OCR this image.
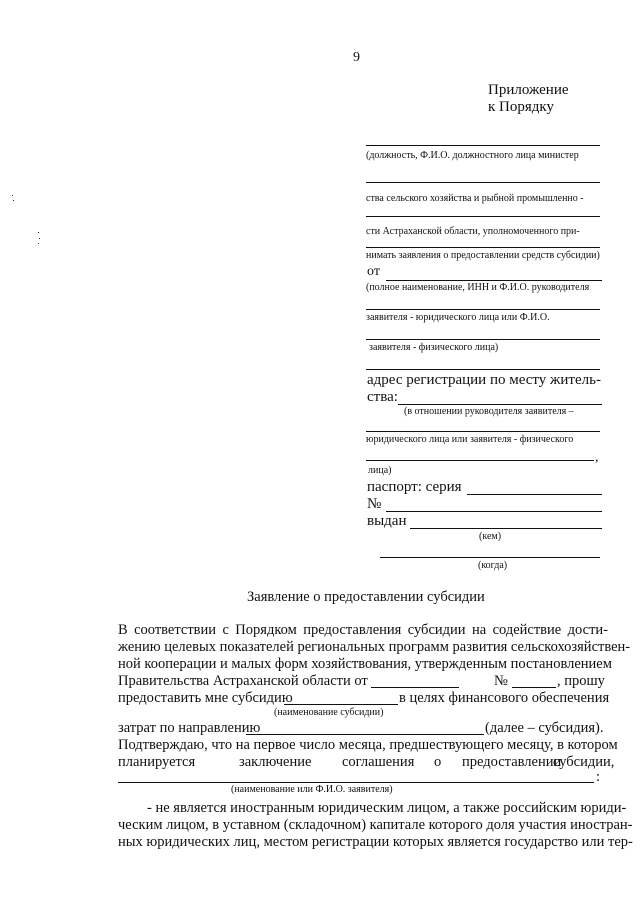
9
Приложение
к Порядку
(должность, Ф.И.О. должностного лица министер
ства сельского хозяйства и рыбной промышленно -
сти Астраханской области, уполномоченного при-
нимать заявления о предоставлении средств субсидии)
от
(полное наименование, ИНН и Ф.И.О. руководителя
заявителя - юридического лица или Ф.И.О.
заявителя - физического лица)
адрес регистрации по месту житель-
ства:
(в отношении руководителя заявителя –
юридического лица или заявителя - физического
,
лица)
паспорт: серия
№
выдан
(кем)
(когда)
Заявление о предоставлении субсидии
В соответствии с Порядком предоставления субсидии на содействие дости-
жению целевых показателей региональных программ развития сельскохозяйствен-
ной кооперации и малых форм хозяйствования, утвержденным постановлением
Правительства Астраханской области от	№	, прошу
предоставить мне субсидию	в целях финансового обеспечения
(наименование субсидии)
затрат по направлению	(далее – субсидия).
Подтверждаю, что на первое число месяца, предшествующего месяцу, в котором
планируется	заключение соглашения о предоставлении
субсидии,
:
(наименование или Ф.И.О. заявителя)
- не является иностранным юридическим лицом, а также российским юриди-
ческим лицом, в уставном (складочном) капитале которого доля участия иностран-
ных юридических лиц, местом регистрации которых является государство или тер-
